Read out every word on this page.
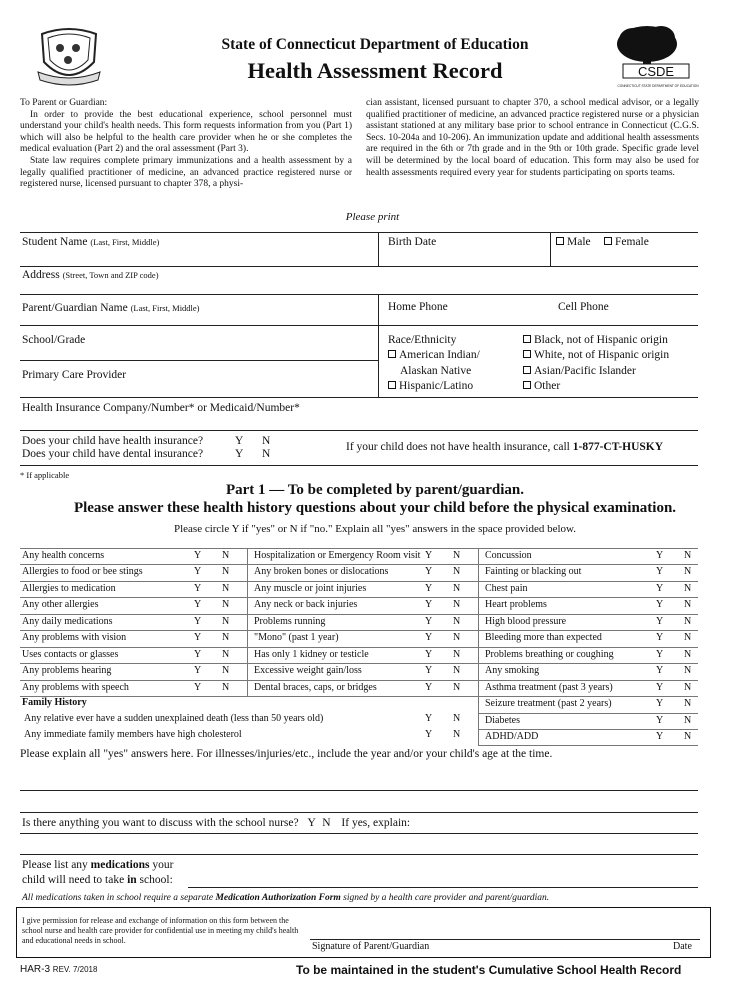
State of Connecticut Department of Education
Health Assessment Record	CSDE
CONNECTICUT STATE DEPARTMENT OF EDUCATION

To Parent or Guardian:

In order to provide the best educational experience, school personnel must understand your child's health needs. This form requests information from you (Part 1) which will also be helpful to the health care provider when he or she completes the medical evaluation (Part 2) and the oral assessment (Part 3).

State law requires complete primary immunizations and a health assessment by a legally qualified practitioner of medicine, an advanced practice registered nurse or registered nurse, licensed pursuant to chapter 378, a physi-

cian assistant, licensed pursuant to chapter 370, a school medical advisor, or a legally qualified practitioner of medicine, an advanced practice registered nurse or a physician assistant stationed at any military base prior to school entrance in Connecticut (C.G.S. Secs. 10-204a and 10-206). An immunization update and additional health assessments are required in the 6th or 7th grade and in the 9th or 10th grade. Specific grade level will be determined by the local board of education. This form may also be used for health assessments required every year for students participating on sports teams.

Please print
Student Name (Last, First, Middle)	Birth Date	Male	Female
Address (Street, Town and ZIP code)
Parent/Guardian Name (Last, First, Middle)	Home Phone	Cell Phone
School/Grade
Primary Care Provider
Race/Ethnicity
American Indian/
Alaskan Native
Hispanic/Latino
Black, not of Hispanic origin
White, not of Hispanic origin
Asian/Pacific Islander
Other
Health Insurance Company/Number* or Medicaid/Number*
Does your child have health insurance?	Y N
Does your child have dental insurance?	Y N
If your child does not have health insurance, call 1-877-CT-HUSKY
* If applicable
Part 1 — To be completed by parent/guardian.
Please answer these health history questions about your child before the physical examination.
Please circle Y if "yes" or N if "no." Explain all "yes" answers in the space provided below.
Any health concerns	Y N
Allergies to food or bee stings	Y N
Allergies to medication	Y N
Any other allergies	Y N
Any daily medications	Y N
Any problems with vision	Y N
Uses contacts or glasses	Y N
Any problems hearing	Y N
Any problems with speech	Y N
Hospitalization or Emergency Room visit Y N
Any broken bones or dislocations	Y N
Any muscle or joint injuries	Y N
Any neck or back injuries	Y N
Problems running	Y N
"Mono" (past 1 year)	Y N
Has only 1 kidney or testicle	Y N
Excessive weight gain/loss	Y N
Dental braces, caps, or bridges	Y N
Concussion	Y N
Fainting or blacking out	Y N
Chest pain	Y N
Heart problems	Y N
High blood pressure	Y N
Bleeding more than expected	Y N
Problems breathing or coughing	Y N
Any smoking	Y N
Asthma treatment (past 3 years)	Y N
Seizure treatment (past 2 years)	Y N
Diabetes	Y N
ADHD/ADD	Y N
Family History
Any relative ever have a sudden unexplained death (less than 50 years old)	Y N
Any immediate family members have high cholesterol	Y N
Please explain all "yes" answers here. For illnesses/injuries/etc., include the year and/or your child's age at the time.
Is there anything you want to discuss with the school nurse? Y N If yes, explain:
Please list any medications your
child will need to take in school:
All medications taken in school require a separate Medication Authorization Form signed by a health care provider and parent/guardian.
I give permission for release and exchange of information on this form between the school nurse and health care provider for confidential use in meeting my child's health and educational needs in school.
Signature of Parent/Guardian	Date
HAR-3 REV. 7/2018	To be maintained in the student's Cumulative School Health Record
